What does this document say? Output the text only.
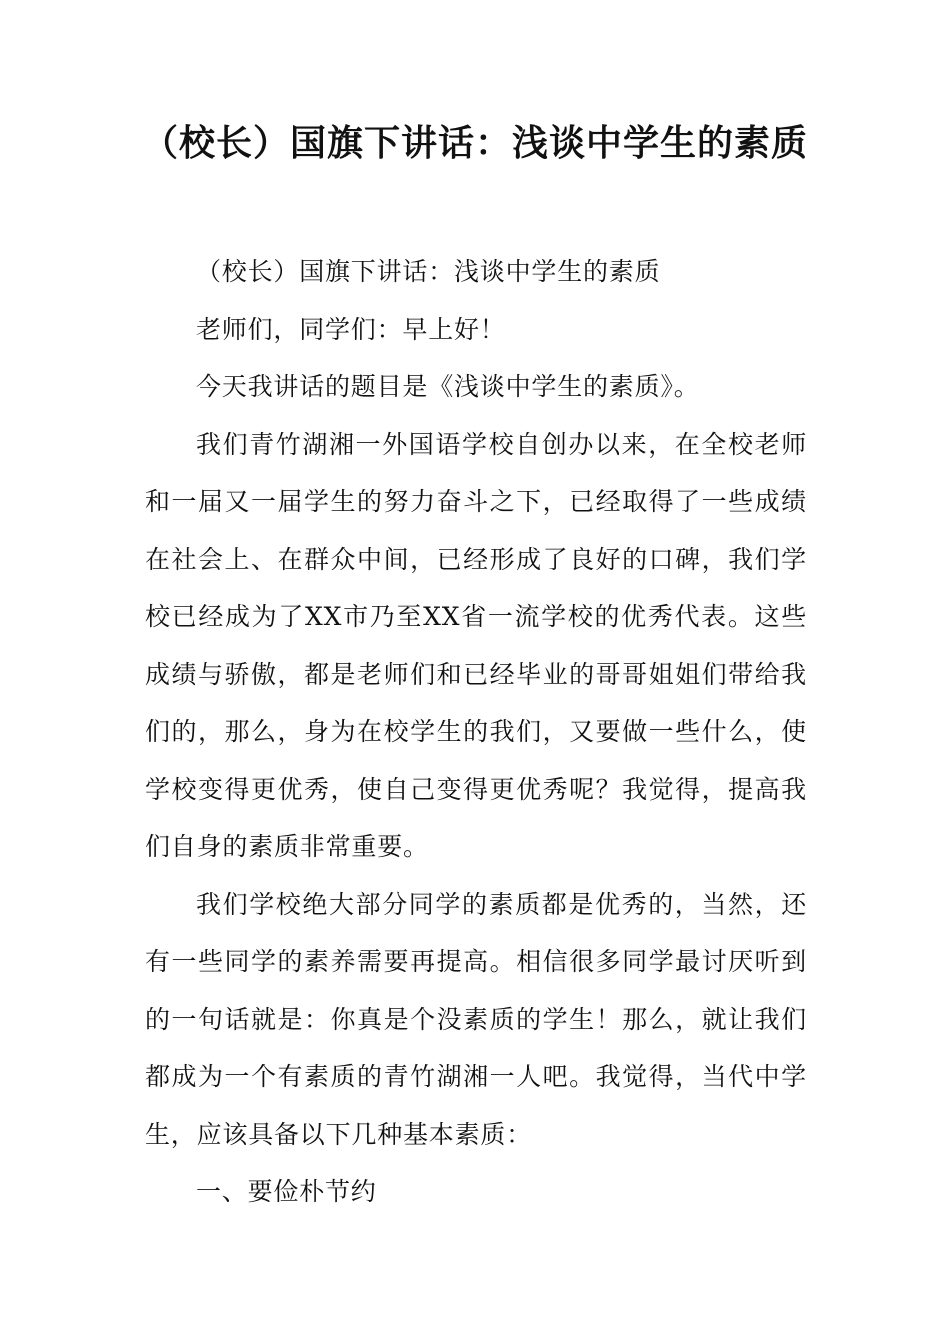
（校长）国旗下讲话：浅谈中学生的素质

（校长）国旗下讲话：浅谈中学生的素质

老师们，同学们：早上好！

今天我讲话的题目是《浅谈中学生的素质》。

我们青竹湖湘一外国语学校自创办以来，在全校老师和一届又一届学生的努力奋斗之下，已经取得了一些成绩在社会上、在群众中间，已经形成了良好的口碑，我们学校已经成为了XX市乃至XX省一流学校的优秀代表。这些成绩与骄傲，都是老师们和已经毕业的哥哥姐姐们带给我们的，那么，身为在校学生的我们，又要做一些什么，使学校变得更优秀，使自己变得更优秀呢？我觉得，提高我们自身的素质非常重要。

我们学校绝大部分同学的素质都是优秀的，当然，还有一些同学的素养需要再提高。相信很多同学最讨厌听到的一句话就是：你真是个没素质的学生！那么，就让我们都成为一个有素质的青竹湖湘一人吧。我觉得，当代中学生，应该具备以下几种基本素质：

一、要俭朴节约
